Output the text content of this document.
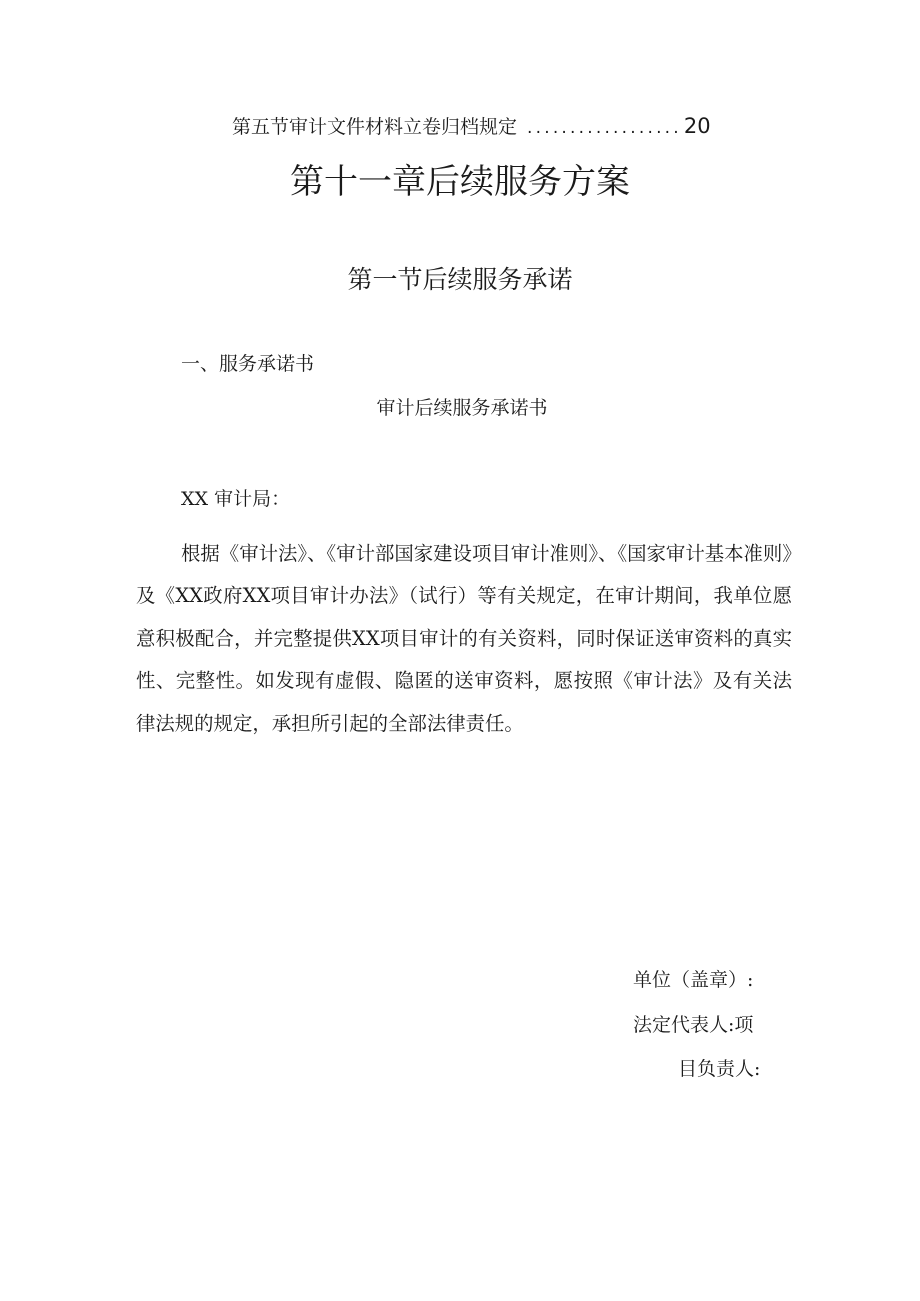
第五节审计文件材料立卷归档规定 .................. 20
第十一章后续服务方案
第一节后续服务承诺
一、服务承诺书
审计后续服务承诺书
XX 审计局：
根据《审计法》、《审计部国家建设项目审计准则》、《国家审计基本准则》及《XX政府XX项目审计办法》（试行）等有关规定，在审计期间，我单位愿意积极配合，并完整提供XX项目审计的有关资料，同时保证送审资料的真实性、完整性。如发现有虚假、隐匿的送审资料，愿按照《审计法》及有关法律法规的规定，承担所引起的全部法律责任。
单位（盖章）:
法定代表人:项
目负责人:
